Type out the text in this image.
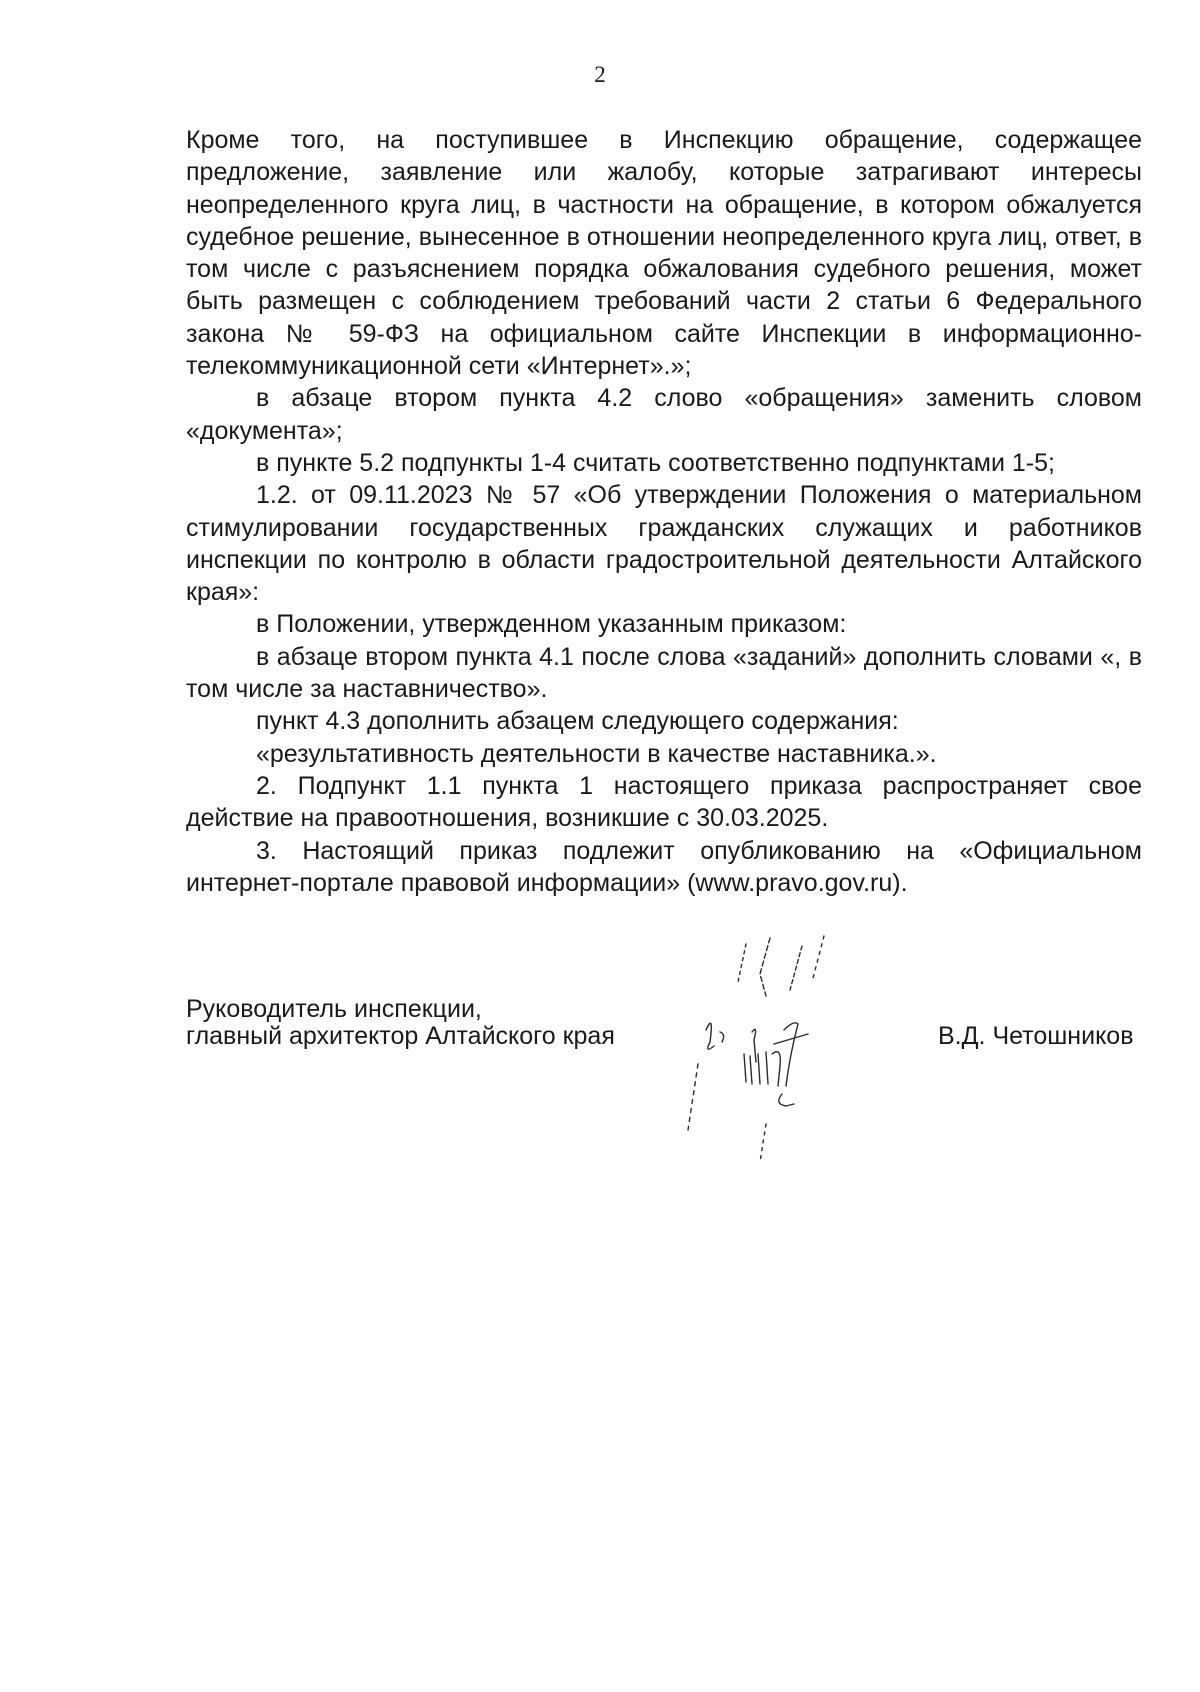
2

Кроме того, на поступившее в Инспекцию обращение, содержащее предложение, заявление или жалобу, которые затрагивают интересы неопределенного круга лиц, в частности на обращение, в котором обжалуется судебное решение, вынесенное в отношении неопределенного круга лиц, ответ, в том числе с разъяснением порядка обжалования судебного решения, может быть размещен с соблюдением требований части 2 статьи 6 Федерального закона № 59-ФЗ на официальном сайте Инспекции в информационно-телекоммуникационной сети «Интернет».»;

в абзаце втором пункта 4.2 слово «обращения» заменить словом «документа»;

в пункте 5.2 подпункты 1-4 считать соответственно подпунктами 1-5;

1.2. от 09.11.2023 № 57 «Об утверждении Положения о материальном стимулировании государственных гражданских служащих и работников инспекции по контролю в области градостроительной деятельности Алтайского края»:

в Положении, утвержденном указанным приказом:

в абзаце втором пункта 4.1 после слова «заданий» дополнить словами «, в том числе за наставничество».

пункт 4.3 дополнить абзацем следующего содержания:

«результативность деятельности в качестве наставника.».

2. Подпункт 1.1 пункта 1 настоящего приказа распространяет свое действие на правоотношения, возникшие с 30.03.2025.

3. Настоящий приказ подлежит опубликованию на «Официальном интернет-портале правовой информации» (www.pravo.gov.ru).

Руководитель инспекции,
главный архитектор Алтайского края	В.Д. Четошников
